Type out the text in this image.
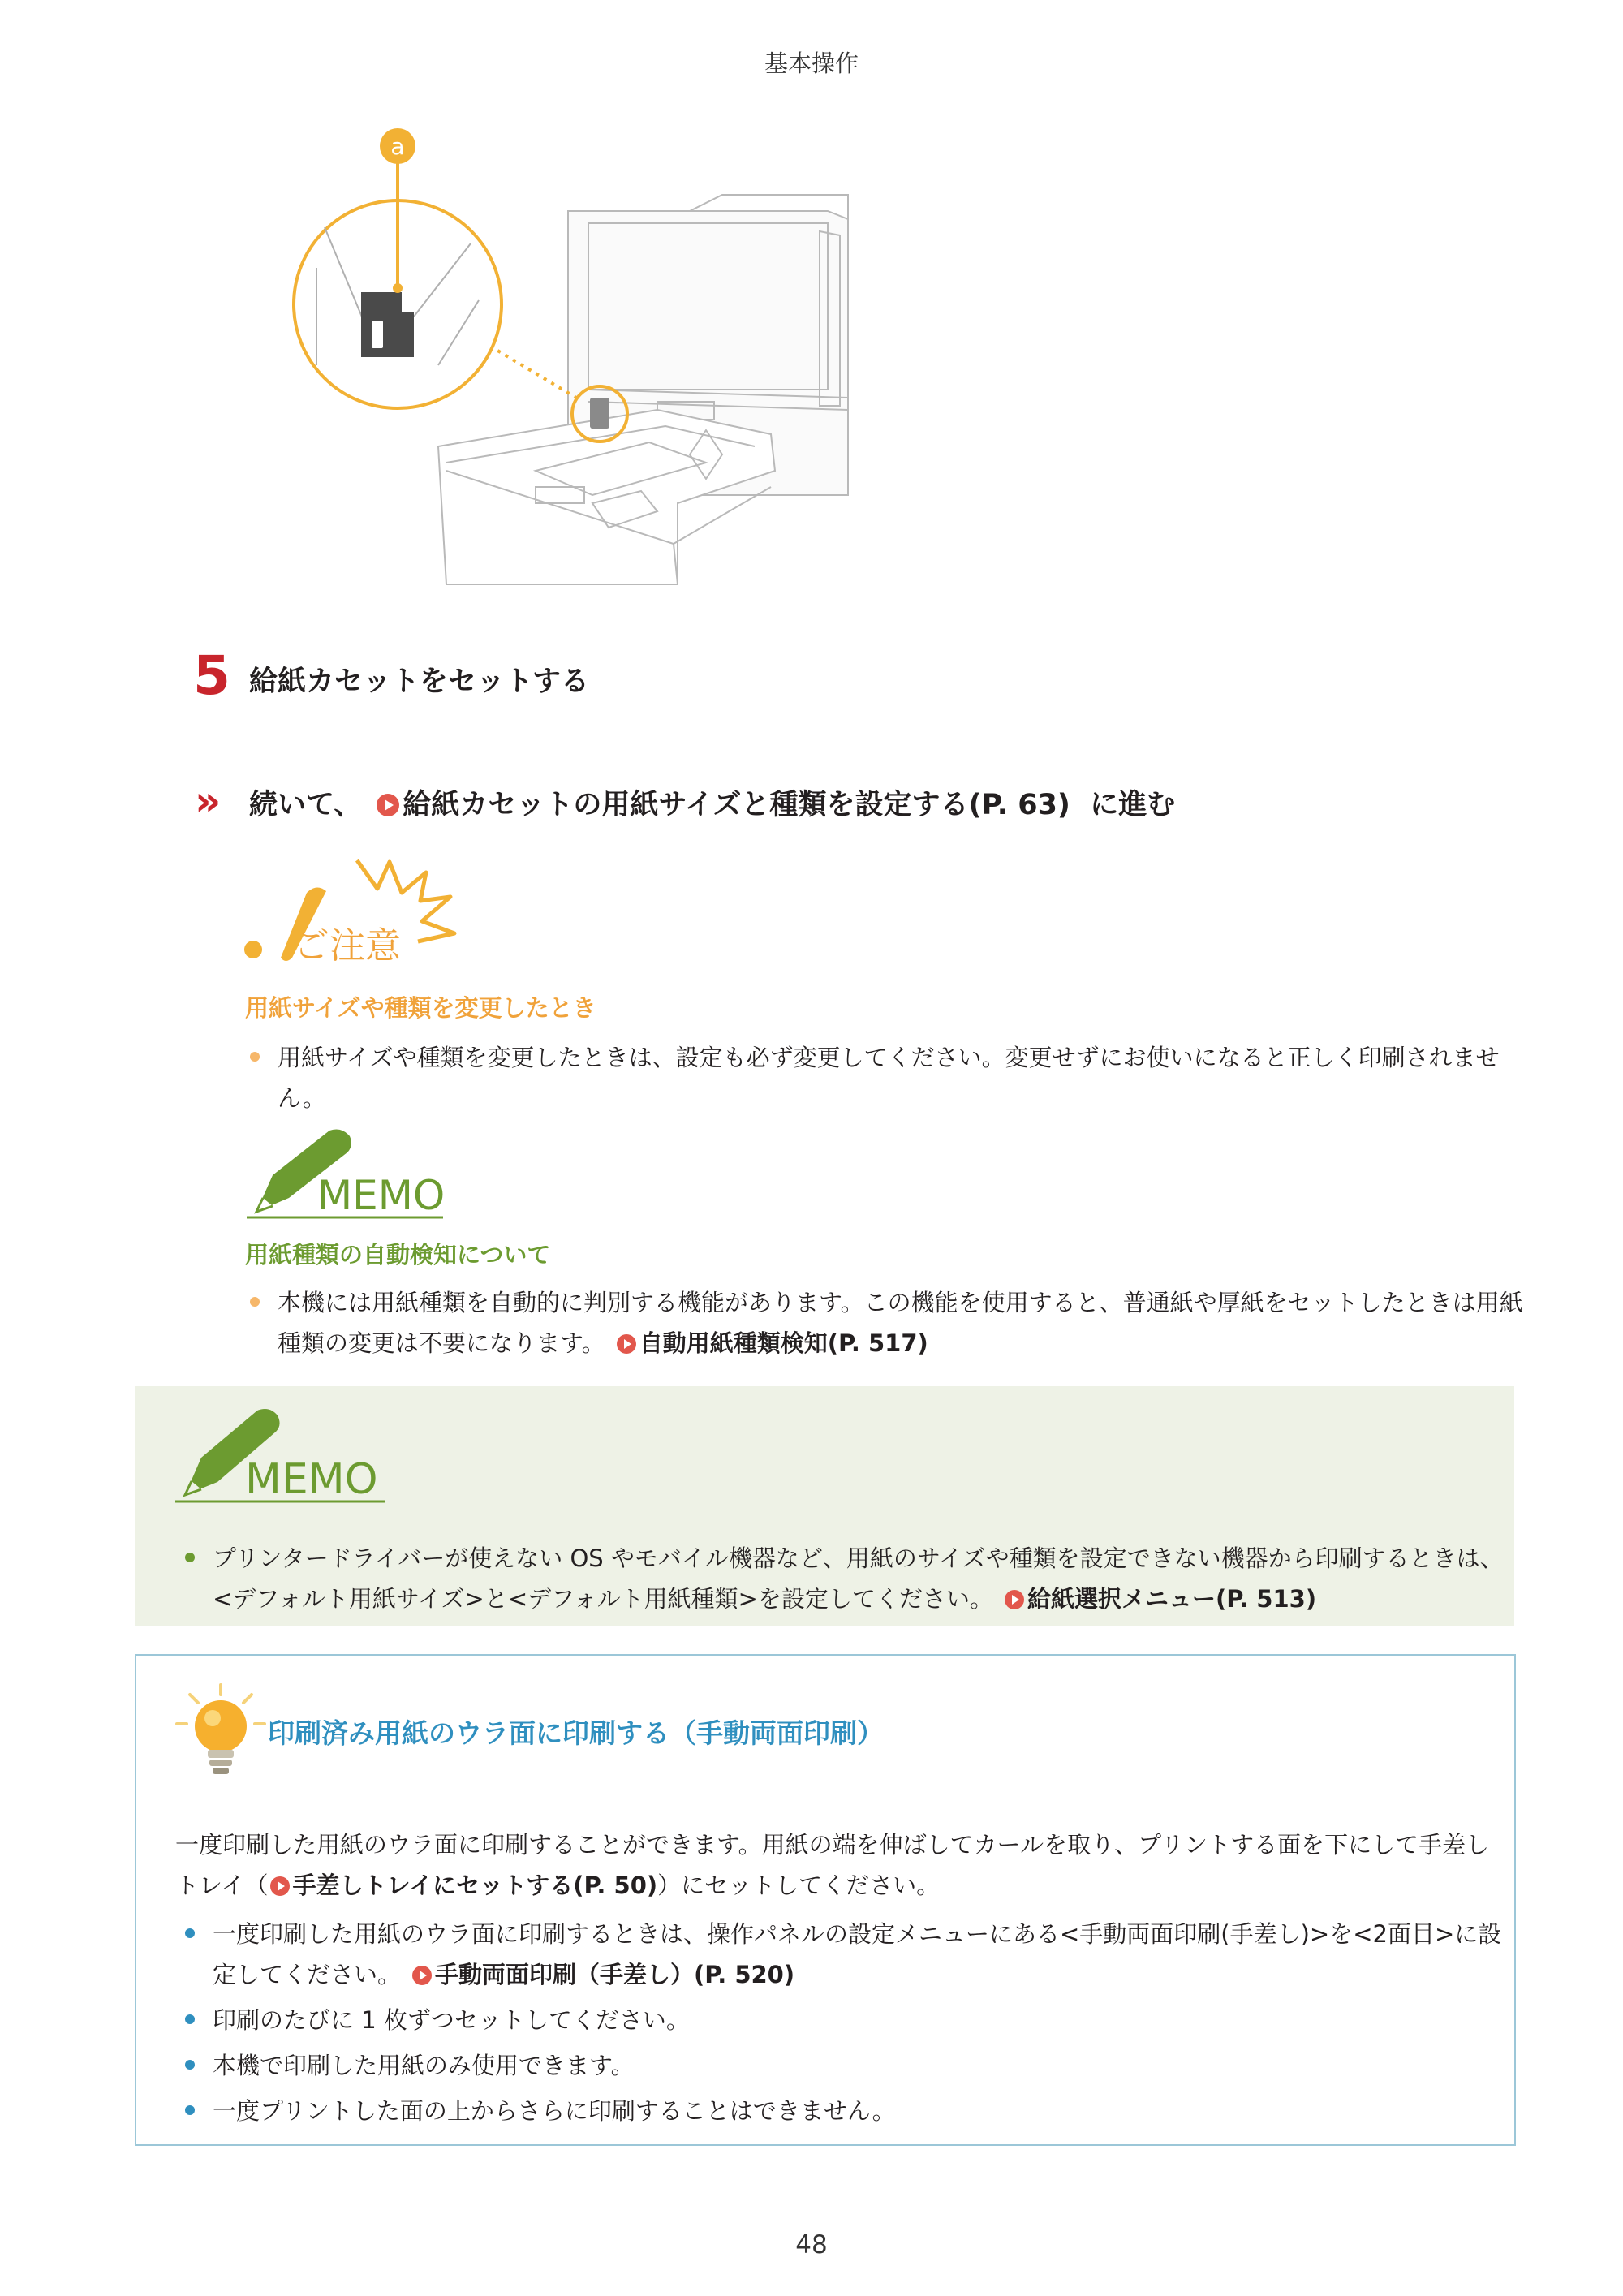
基本操作
a
5 給紙カセットをセットする
» 続いて、 給紙カセットの用紙サイズと種類を設定する(P. 63) に進む
ご注意
用紙サイズや種類を変更したとき
用紙サイズや種類を変更したときは、設定も必ず変更してください。変更せずにお使いになると正しく印刷されません。
MEMO
用紙種類の自動検知について
本機には用紙種類を自動的に判別する機能があります。この機能を使用すると、普通紙や厚紙をセットしたときは用紙種類の変更は不要になります。 自動用紙種類検知(P. 517)
MEMO
プリンタードライバーが使えない OS やモバイル機器など、用紙のサイズや種類を設定できない機器から印刷するときは、<デフォルト用紙サイズ>と<デフォルト用紙種類>を設定してください。 給紙選択メニュー(P. 513)
印刷済み用紙のウラ面に印刷する（手動両面印刷）
一度印刷した用紙のウラ面に印刷することができます。用紙の端を伸ばしてカールを取り、プリントする面を下にして手差しトレイ（ 手差しトレイにセットする(P. 50)）にセットしてください。
一度印刷した用紙のウラ面に印刷するときは、操作パネルの設定メニューにある<手動両面印刷(手差し)>を<2面目>に設定してください。 手動両面印刷（手差し）(P. 520)
印刷のたびに 1 枚ずつセットしてください。
本機で印刷した用紙のみ使用できます。
一度プリントした面の上からさらに印刷することはできません。
48
